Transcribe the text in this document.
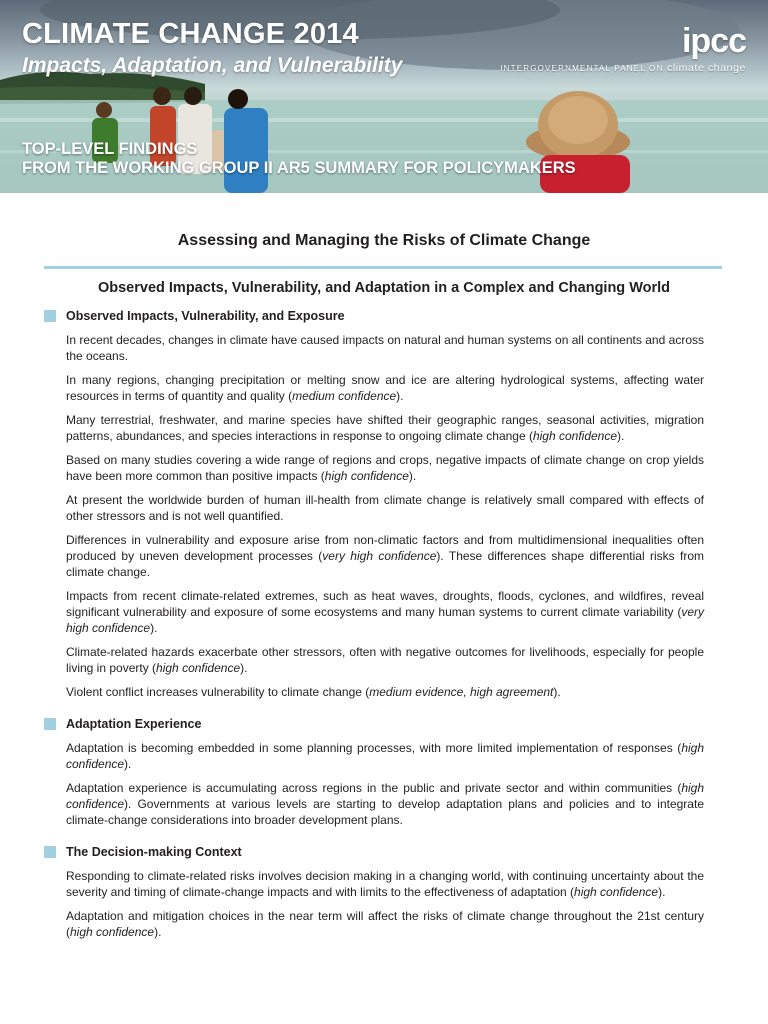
CLIMATE CHANGE 2014
Impacts, Adaptation, and Vulnerability
ipcc
INTERGOVERNMENTAL PANEL ON climate change
TOP-LEVEL FINDINGS
FROM THE WORKING GROUP II AR5 SUMMARY FOR POLICYMAKERS
Assessing and Managing the Risks of Climate Change
Observed Impacts, Vulnerability, and Adaptation in a Complex and Changing World
Observed Impacts, Vulnerability, and Exposure

In recent decades, changes in climate have caused impacts on natural and human systems on all continents and across the oceans.

In many regions, changing precipitation or melting snow and ice are altering hydrological systems, affecting water resources in terms of quantity and quality (medium confidence).

Many terrestrial, freshwater, and marine species have shifted their geographic ranges, seasonal activities, migration patterns, abundances, and species interactions in response to ongoing climate change (high confidence).

Based on many studies covering a wide range of regions and crops, negative impacts of climate change on crop yields have been more common than positive impacts (high confidence).

At present the worldwide burden of human ill-health from climate change is relatively small compared with effects of other stressors and is not well quantified.

Differences in vulnerability and exposure arise from non-climatic factors and from multidimensional inequalities often produced by uneven development processes (very high confidence). These differences shape differential risks from climate change.

Impacts from recent climate-related extremes, such as heat waves, droughts, floods, cyclones, and wildfires, reveal significant vulnerability and exposure of some ecosystems and many human systems to current climate variability (very high confidence).

Climate-related hazards exacerbate other stressors, often with negative outcomes for livelihoods, especially for people living in poverty (high confidence).

Violent conflict increases vulnerability to climate change (medium evidence, high agreement).

Adaptation Experience

Adaptation is becoming embedded in some planning processes, with more limited implementation of responses (high confidence).

Adaptation experience is accumulating across regions in the public and private sector and within communities (high confidence). Governments at various levels are starting to develop adaptation plans and policies and to integrate climate-change considerations into broader development plans.

The Decision-making Context

Responding to climate-related risks involves decision making in a changing world, with continuing uncertainty about the severity and timing of climate-change impacts and with limits to the effectiveness of adaptation (high confidence).

Adaptation and mitigation choices in the near term will affect the risks of climate change throughout the 21st century (high confidence).
